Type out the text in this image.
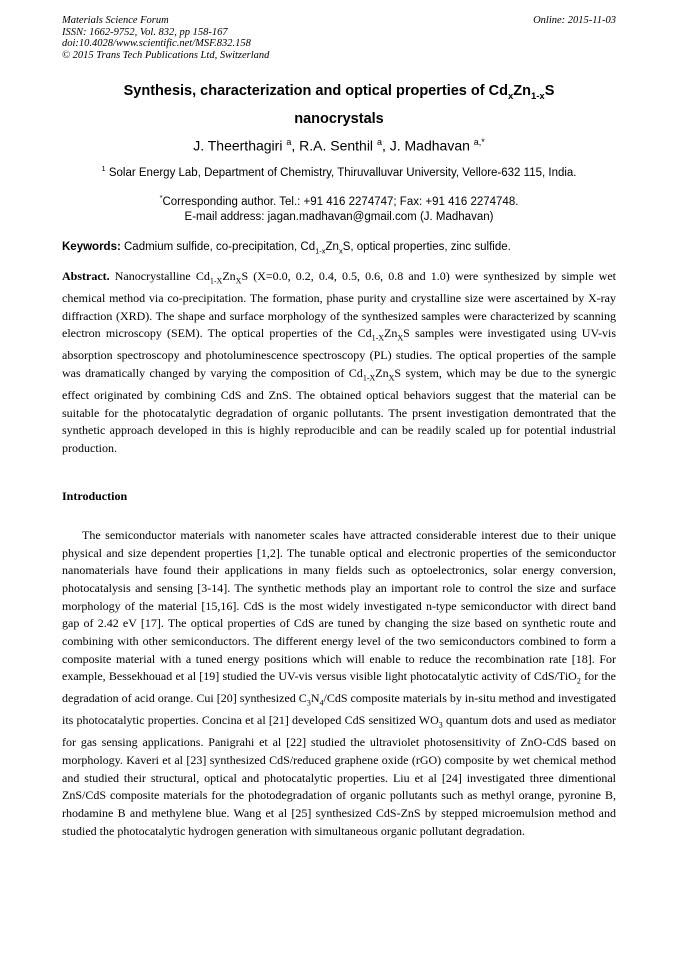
Materials Science Forum
ISSN: 1662-9752, Vol. 832, pp 158-167
doi:10.4028/www.scientific.net/MSF.832.158
© 2015 Trans Tech Publications Ltd, Switzerland
Online: 2015-11-03
Synthesis, characterization and optical properties of $Cd_xZn_{1-x}S$
nanocrystals
J. Theerthagiri $^a$, R.A. Senthil $^a$, J. Madhavan $^{a,*}$
$^1$ Solar Energy Lab, Department of Chemistry, Thiruvalluvar University, Vellore-632 115, India.
*Corresponding author. Tel.: +91 416 2274747; Fax: +91 416 2274748.
E-mail address: jagan.madhavan@gmail.com (J. Madhavan)
Keywords: Cadmium sulfide, co-precipitation, $Cd_{1-x}Zn_xS$, optical properties, zinc sulfide.
Abstract. Nanocrystalline $Cd_{1-X}Zn_XS$ (X=0.0, 0.2, 0.4, 0.5, 0.6, 0.8 and 1.0) were synthesized by simple wet chemical method via co-precipitation. The formation, phase purity and crystalline size were ascertained by X-ray diffraction (XRD). The shape and surface morphology of the synthesized samples were characterized by scanning electron microscopy (SEM). The optical properties of the $Cd_{1-X}Zn_XS$ samples were investigated using UV-vis absorption spectroscopy and photoluminescence spectroscopy (PL) studies. The optical properties of the sample was dramatically changed by varying the composition of $Cd_{1-X}Zn_XS$ system, which may be due to the synergic effect originated by combining CdS and ZnS. The obtained optical behaviors suggest that the material can be suitable for the photocatalytic degradation of organic pollutants. The prsent investigation demontrated that the synthetic approach developed in this is highly reproducible and can be readily scaled up for potential industrial production.
Introduction
The semiconductor materials with nanometer scales have attracted considerable interest due to their unique physical and size dependent properties [1,2]. The tunable optical and electronic properties of the semiconductor nanomaterials have found their applications in many fields such as optoelectronics, solar energy conversion, photocatalysis and sensing [3-14]. The synthetic methods play an important role to control the size and surface morphology of the material [15,16]. CdS is the most widely investigated n-type semiconductor with direct band gap of 2.42 eV [17]. The optical properties of CdS are tuned by changing the size based on synthetic route and combining with other semiconductors. The different energy level of the two semiconductors combined to form a composite material with a tuned energy positions which will enable to reduce the recombination rate [18]. For example, Bessekhouad et al [19] studied the UV-vis versus visible light photocatalytic activity of CdS/TiO$_2$ for the degradation of acid orange. Cui [20] synthesized $C_3N_4$/CdS composite materials by in-situ method and investigated its photocatalytic properties. Concina et al [21] developed CdS sensitized $WO_3$ quantum dots and used as mediator for gas sensing applications. Panigrahi et al [22] studied the ultraviolet photosensitivity of ZnO-CdS based on morphology. Kaveri et al [23] synthesized CdS/reduced graphene oxide (rGO) composite by wet chemical method and studied their structural, optical and photocatalytic properties. Liu et al [24] investigated three dimentional ZnS/CdS composite materials for the photodegradation of organic pollutants such as methyl orange, pyronine B, rhodamine B and methylene blue. Wang et al [25] synthesized CdS-ZnS by stepped microemulsion method and studied the photocatalytic hydrogen generation with simultaneous organic pollutant degradation.
